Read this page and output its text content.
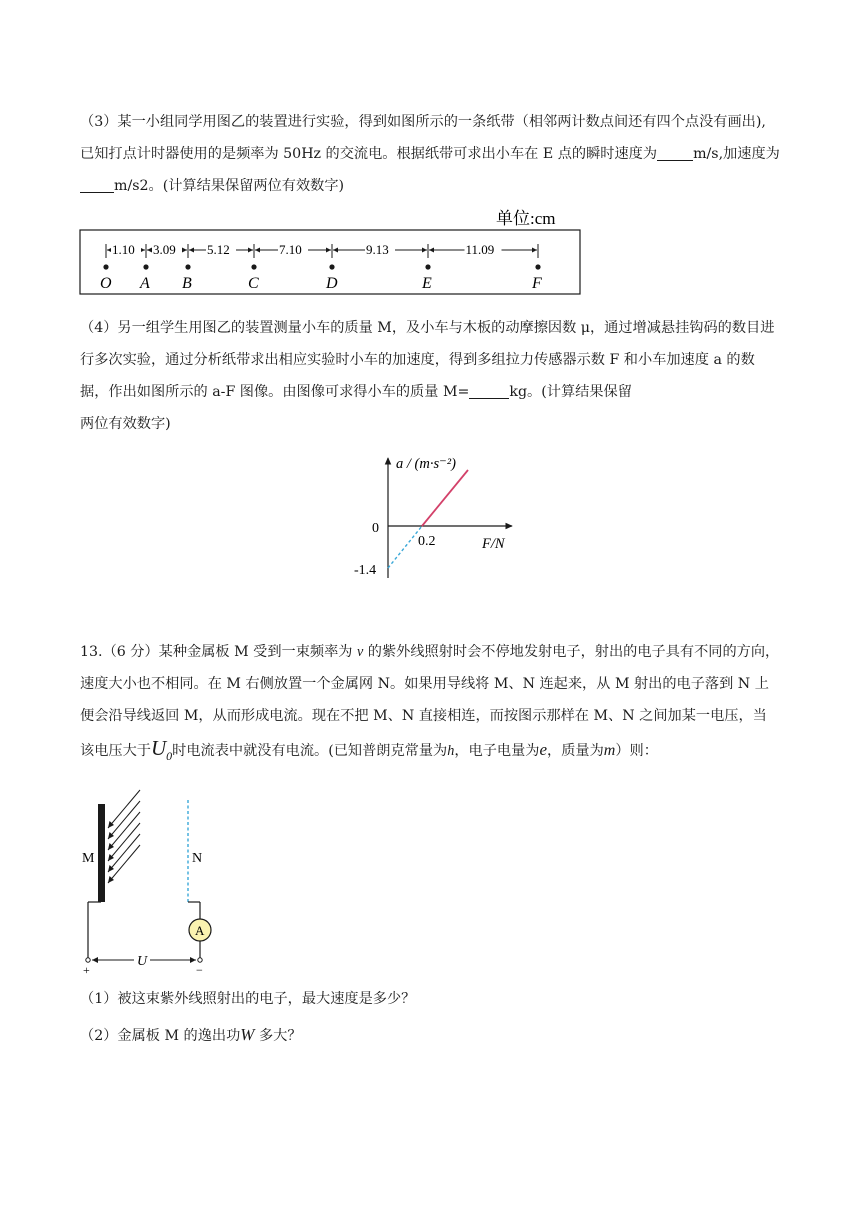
（3）某一小组同学用图乙的装置进行实验，得到如图所示的一条纸带（相邻两计数点间还有四个点没有画出),已知打点计时器使用的是频率为 50Hz 的交流电。根据纸带可求出小车在 E 点的瞬时速度为	m/s,加速度为m/s2。(计算结果保留两位有效数字)
单位:cm
O A B	C	D	E	F
1.10 3.09 5.12	7.10	9.13	11.09
（4）另一组学生用图乙的装置测量小车的质量 M，及小车与木板的动摩擦因数 μ，通过增减悬挂钩码的数目进行多次实验，通过分析纸带求出相应实验时小车的加速度，得到多组拉力传感器示数 F 和小车加速度 a 的数据，作出如图所示的 a-F 图像。由图像可求得小车的质量 M=	kg。(计算结果保留
两位有效数字)
a / (m·s⁻²)
F/N
0
0.2
-1.4
13.（6 分）某种金属板 M 受到一束频率为 ν 的紫外线照射时会不停地发射电子，射出的电子具有不同的方向，速度大小也不相同。在 M 右侧放置一个金属网 N。如果用导线将 M、N 连起来，从 M 射出的电子落到 N 上便会沿导线返回 M，从而形成电流。现在不把 M、N 直接相连，而按图示那样在 M、N 之间加某一电压，当该电压大于$U_0$时电流表中就没有电流。(已知普朗克常量为h，电子电量为e，质量为m）则：
A
U
M	N
+	−
（1）被这束紫外线照射出的电子，最大速度是多少？
（2）金属板 M 的逸出功W 多大？
